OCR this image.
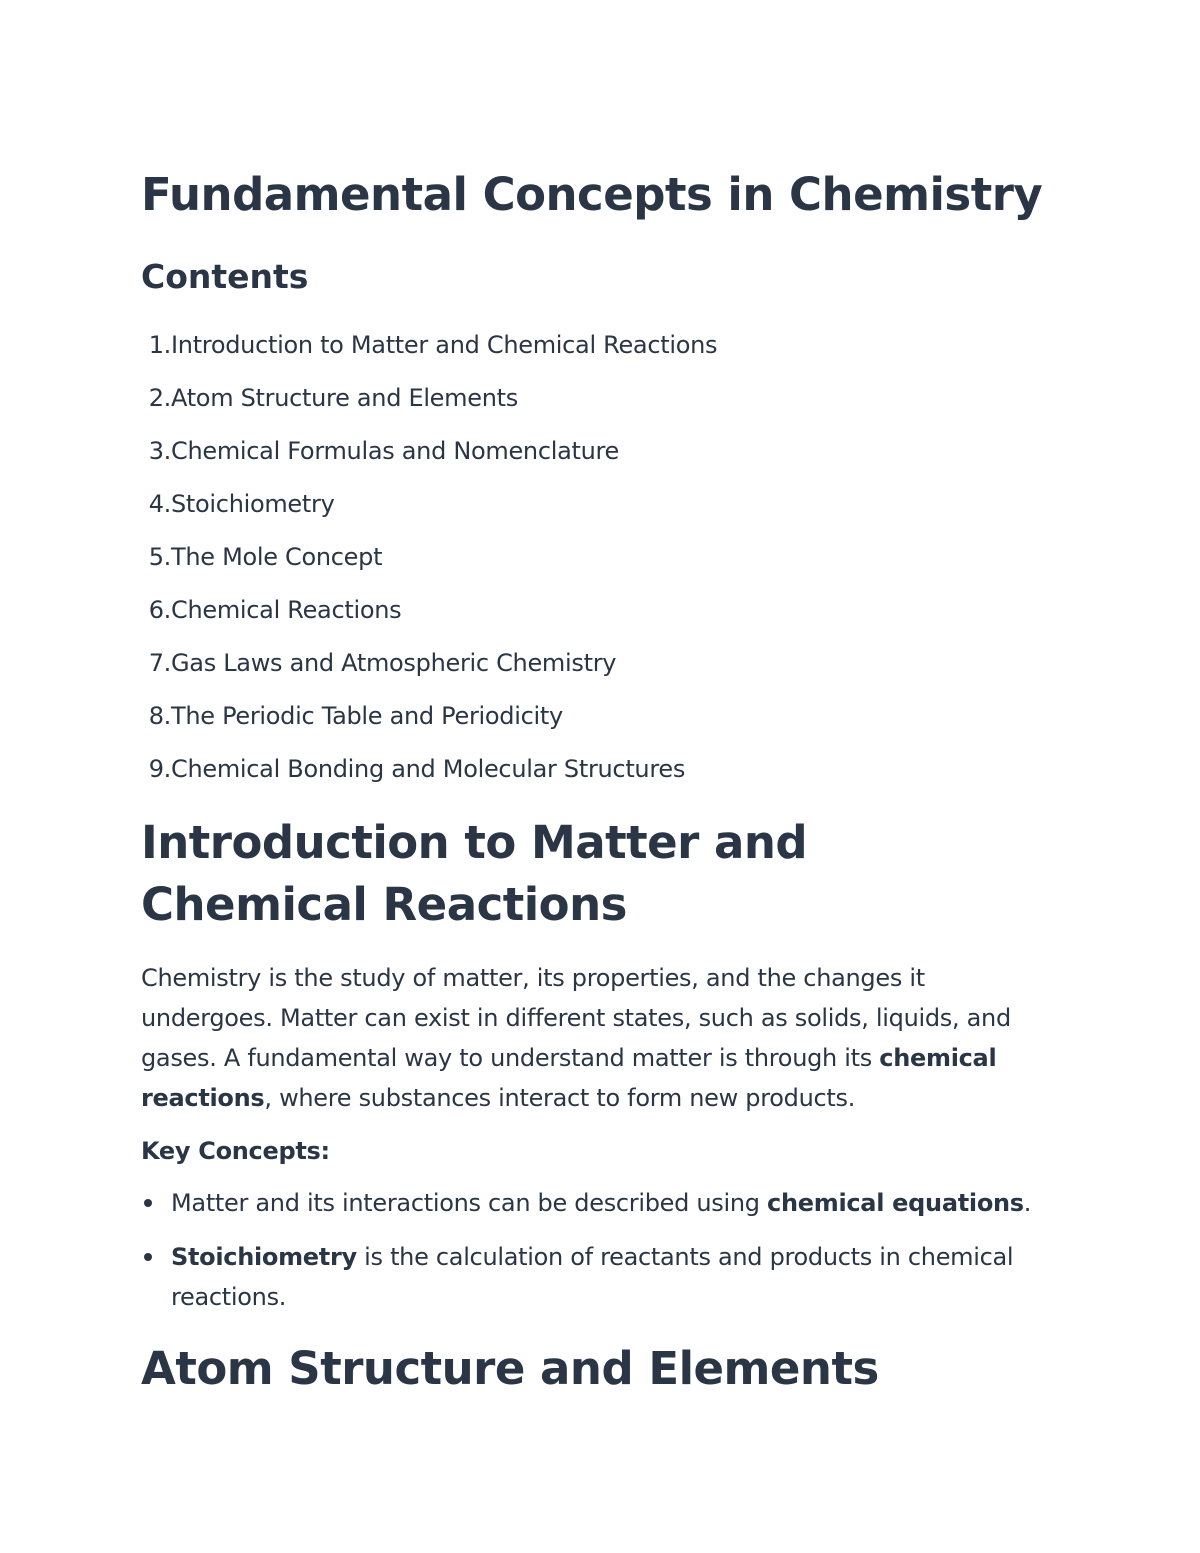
Fundamental Concepts in Chemistry
Contents
1.Introduction to Matter and Chemical Reactions
2.Atom Structure and Elements
3.Chemical Formulas and Nomenclature
4.Stoichiometry
5.The Mole Concept
6.Chemical Reactions
7.Gas Laws and Atmospheric Chemistry
8.The Periodic Table and Periodicity
9.Chemical Bonding and Molecular Structures
Introduction to Matter and Chemical Reactions

Chemistry is the study of matter, its properties, and the changes it undergoes. Matter can exist in different states, such as solids, liquids, and gases. A fundamental way to understand matter is through its chemical reactions, where substances interact to form new products.

Key Concepts:

Matter and its interactions can be described using chemical equations.
Stoichiometry is the calculation of reactants and products in chemical reactions.
Atom Structure and Elements
